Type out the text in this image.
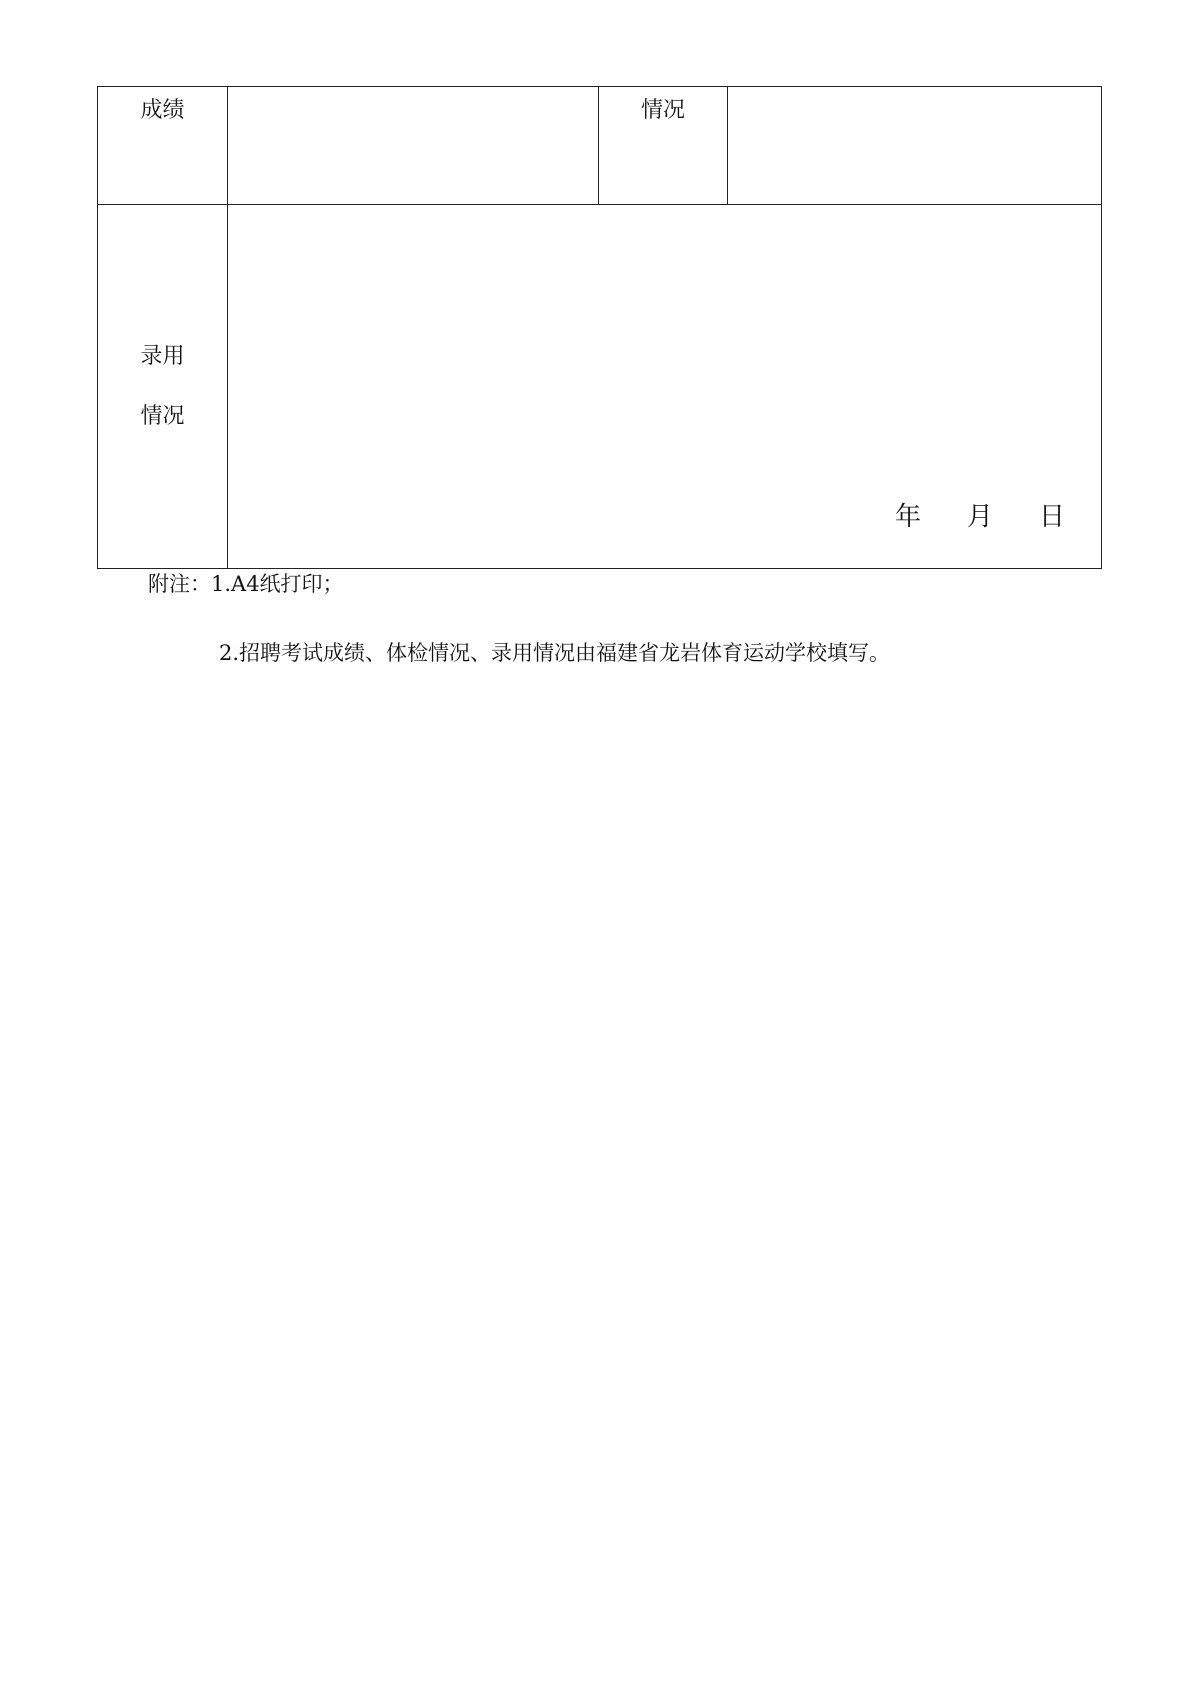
成绩		情况	

录用
情况	年 月 日		
附注：1.A4纸打印；
2.招聘考试成绩、体检情况、录用情况由福建省龙岩体育运动学校填写。
